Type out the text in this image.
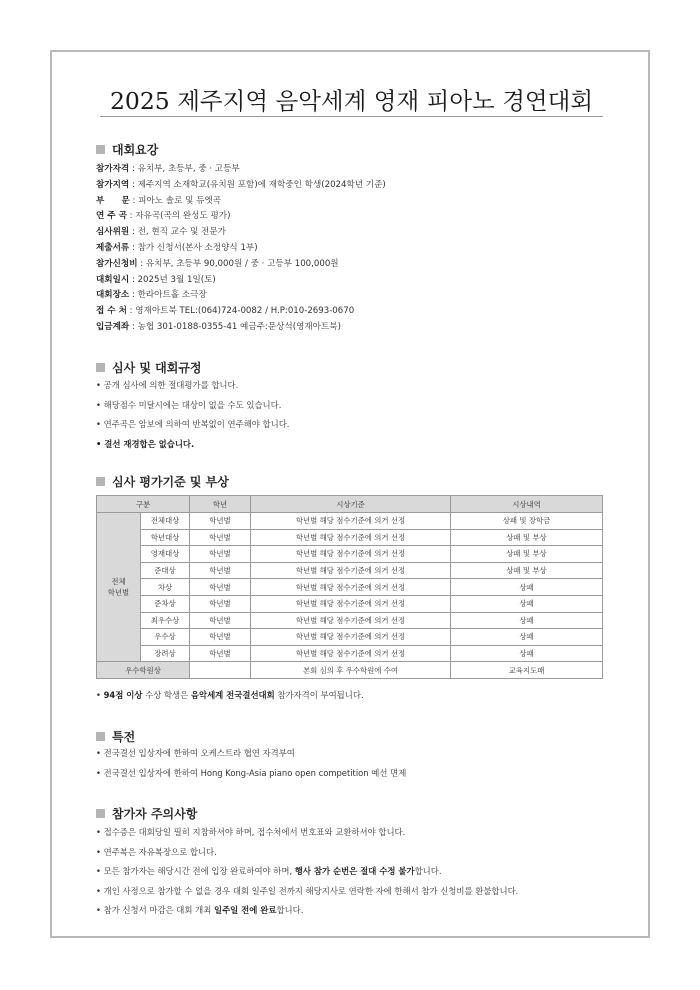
2025 제주지역 음악세계 영재 피아노 경연대회
대회요강
참가자격 : 유치부, 초등부, 중 · 고등부
참가지역 : 제주지역 소재학교(유치원 포함)에 재학중인 학생(2024학년 기준)
부　　문 : 피아노 솔로 및 듀엣곡
연 주 곡 : 자유곡(곡의 완성도 평가)
심사위원 : 전, 현직 교수 및 전문가
제출서류 : 참가 신청서(본사 소정양식 1부)
참가신청비 : 유치부, 초등부 90,000원 / 중 · 고등부 100,000원
대회일시 : 2025년 3월 1일(토)
대회장소 : 한라아트홀 소극장
접 수 처 : 영재아트북 TEL:(064)724-0082 / H.P:010-2693-0670
입금계좌 : 농협 301-0188-0355-41 예금주:문상석(영재아트북)
심사 및 대회규정
• 공개 심사에 의한 절대평가를 합니다.
• 해당점수 미달시에는 대상이 없을 수도 있습니다.
• 연주곡은 암보에 의하여 반복없이 연주해야 합니다.
• 결선 재경합은 없습니다.
심사 평가기준 및 부상
구분		학년	시상기준	시상내역

전체
학년별	전체대상	학년별	학년별 해당 점수기준에 의거 선정	상패 및 장학금
	학년대상	학년별	학년별 해당 점수기준에 의거 선정	상패 및 부상
	영재대상	학년별	학년별 해당 점수기준에 의거 선정	상패 및 부상
	준대상	학년별	학년별 해당 점수기준에 의거 선정	상패 및 부상
	차상	학년별	학년별 해당 점수기준에 의거 선정	상패
	준차상	학년별	학년별 해당 점수기준에 의거 선정	상패
	최우수상	학년별	학년별 해당 점수기준에 의거 선정	상패
	우수상	학년별	학년별 해당 점수기준에 의거 선정	상패
	장려상	학년별	학년별 해당 점수기준에 의거 선정	상패
우수학원상			본회 심의 후 우수학원에 수여	교육지도패
• 94점 이상 수상 학생은 음악세계 전국결선대회 참가자격이 부여됩니다.
특전
• 전국결선 입상자에 한하여 오케스트라 협연 자격부여
• 전국결선 입상자에 한하여 Hong Kong-Asia piano open competition 예선 면제
참가자 주의사항
• 접수증은 대회당일 필히 지참하셔야 하며, 접수처에서 번호표와 교환하셔야 합니다.
• 연주복은 자유복장으로 합니다.
• 모든 참가자는 해당시간 전에 입장 완료하여야 하며, 행사 참가 순번은 절대 수정 불가합니다.
• 개인 사정으로 참가할 수 없을 경우 대회 일주일 전까지 해당지사로 연락한 자에 한해서 참가 신청비를 환불합니다.
• 참가 신청서 마감은 대회 개최 일주일 전에 완료합니다.
